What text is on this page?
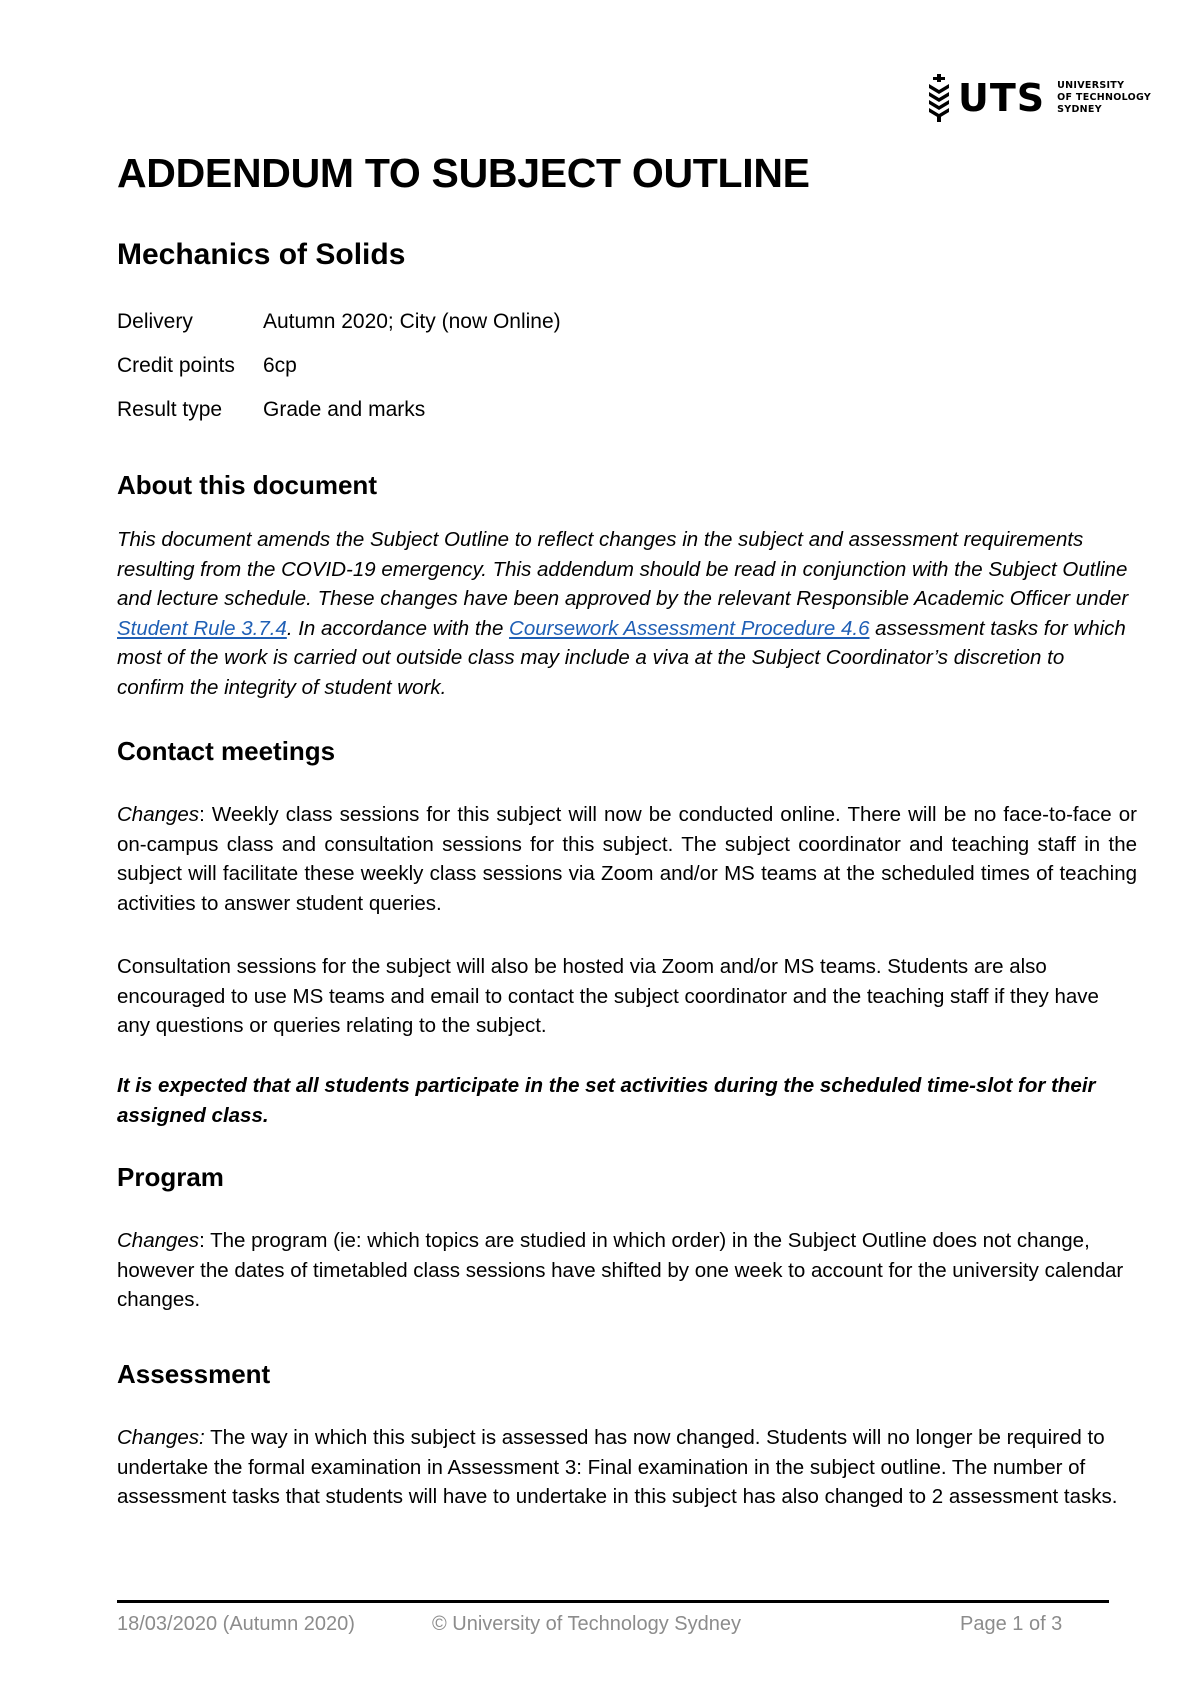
UTS UNIVERSITY
OF TECHNOLOGY
SYDNEY
ADDENDUM TO SUBJECT OUTLINE
Mechanics of Solids
Delivery	Autumn 2020; City (now Online)
Credit points	6cp
Result type	Grade and marks
About this document

This document amends the Subject Outline to reflect changes in the subject and assessment requirements resulting from the COVID-19 emergency. This addendum should be read in conjunction with the Subject Outline and lecture schedule. These changes have been approved by the relevant Responsible Academic Officer under Student Rule 3.7.4. In accordance with the Coursework Assessment Procedure 4.6 assessment tasks for which most of the work is carried out outside class may include a viva at the Subject Coordinator’s discretion to confirm the integrity of student work.

Contact meetings

Changes: Weekly class sessions for this subject will now be conducted online. There will be no face-to-face or on-campus class and consultation sessions for this subject. The subject coordinator and teaching staff in the subject will facilitate these weekly class sessions via Zoom and/or MS teams at the scheduled times of teaching activities to answer student queries.

Consultation sessions for the subject will also be hosted via Zoom and/or MS teams. Students are also encouraged to use MS teams and email to contact the subject coordinator and the teaching staff if they have any questions or queries relating to the subject.

It is expected that all students participate in the set activities during the scheduled time-slot for their assigned class.

Program

Changes: The program (ie: which topics are studied in which order) in the Subject Outline does not change, however the dates of timetabled class sessions have shifted by one week to account for the university calendar changes.

Assessment

Changes: The way in which this subject is assessed has now changed. Students will no longer be required to undertake the formal examination in Assessment 3: Final examination in the subject outline. The number of assessment tasks that students will have to undertake in this subject has also changed to 2 assessment tasks.

18/03/2020 (Autumn 2020)	© University of Technology Sydney	Page 1 of 3
